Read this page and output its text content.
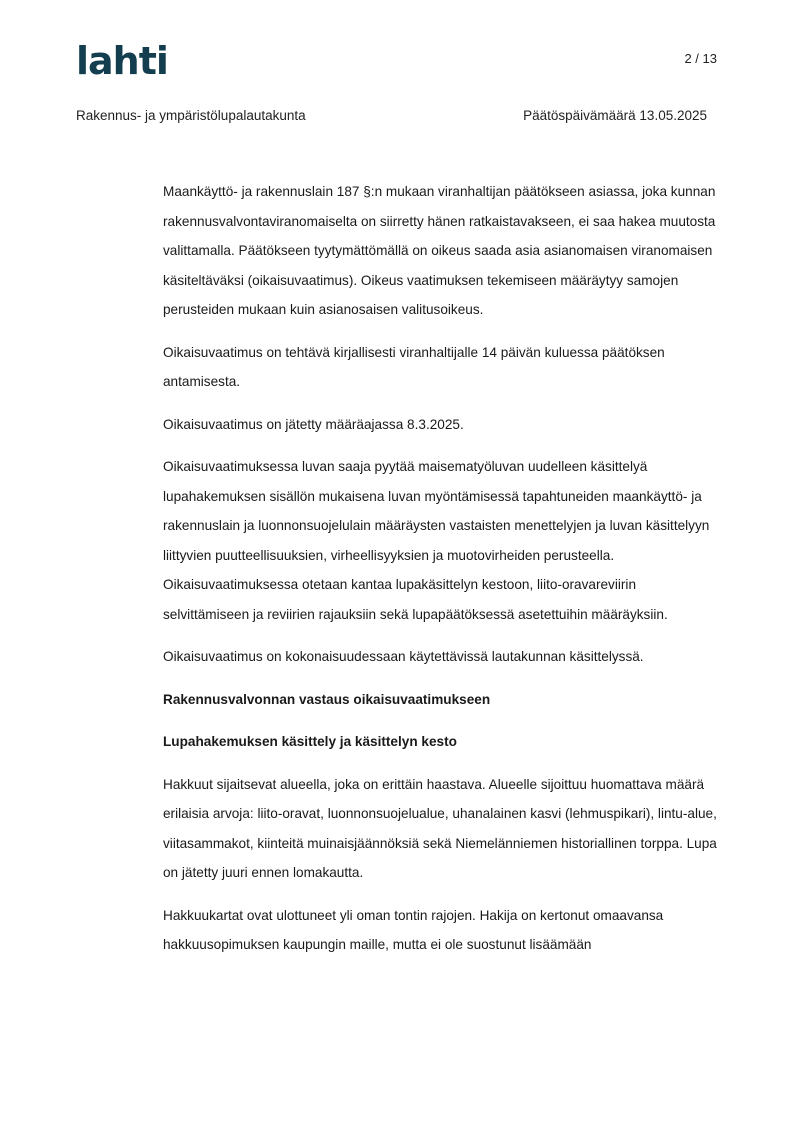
lahti	2 / 13
Rakennus- ja ympäristölupalautakunta	Päätöspäivämäärä 13.05.2025

Maankäyttö- ja rakennuslain 187 §:n mukaan viranhaltijan päätökseen asiassa, joka kunnan rakennusvalvontaviranomaiselta on siirretty hänen ratkaistavakseen, ei saa hakea muutosta valittamalla. Päätökseen tyytymättömällä on oikeus saada asia asianomaisen viranomaisen käsiteltäväksi (oikaisuvaatimus). Oikeus vaatimuksen tekemiseen määräytyy samojen perusteiden mukaan kuin asianosaisen valitusoikeus.

Oikaisuvaatimus on tehtävä kirjallisesti viranhaltijalle 14 päivän kuluessa päätöksen antamisesta.

Oikaisuvaatimus on jätetty määräajassa 8.3.2025.

Oikaisuvaatimuksessa luvan saaja pyytää maisematyöluvan uudelleen käsittelyä lupahakemuksen sisällön mukaisena luvan myöntämisessä tapahtuneiden maankäyttö- ja rakennuslain ja luonnonsuojelulain määräysten vastaisten menettelyjen ja luvan käsittelyyn liittyvien puutteellisuuksien, virheellisyyksien ja muotovirheiden perusteella. Oikaisuvaatimuksessa otetaan kantaa lupakäsittelyn kestoon, liito-oravareviirin selvittämiseen ja reviirien rajauksiin sekä lupapäätöksessä asetettuihin määräyksiin.

Oikaisuvaatimus on kokonaisuudessaan käytettävissä lautakunnan käsittelyssä.

Rakennusvalvonnan vastaus oikaisuvaatimukseen

Lupahakemuksen käsittely ja käsittelyn kesto

Hakkuut sijaitsevat alueella, joka on erittäin haastava. Alueelle sijoittuu huomattava määrä erilaisia arvoja: liito-oravat, luonnonsuojelualue, uhanalainen kasvi (lehmuspikari), lintu-alue, viitasammakot, kiinteitä muinaisjäännöksiä sekä Niemelänniemen historiallinen torppa. Lupa on jätetty juuri ennen lomakautta.

Hakkuukartat ovat ulottuneet yli oman tontin rajojen. Hakija on kertonut omaavansa hakkuusopimuksen kaupungin maille, mutta ei ole suostunut lisäämään
